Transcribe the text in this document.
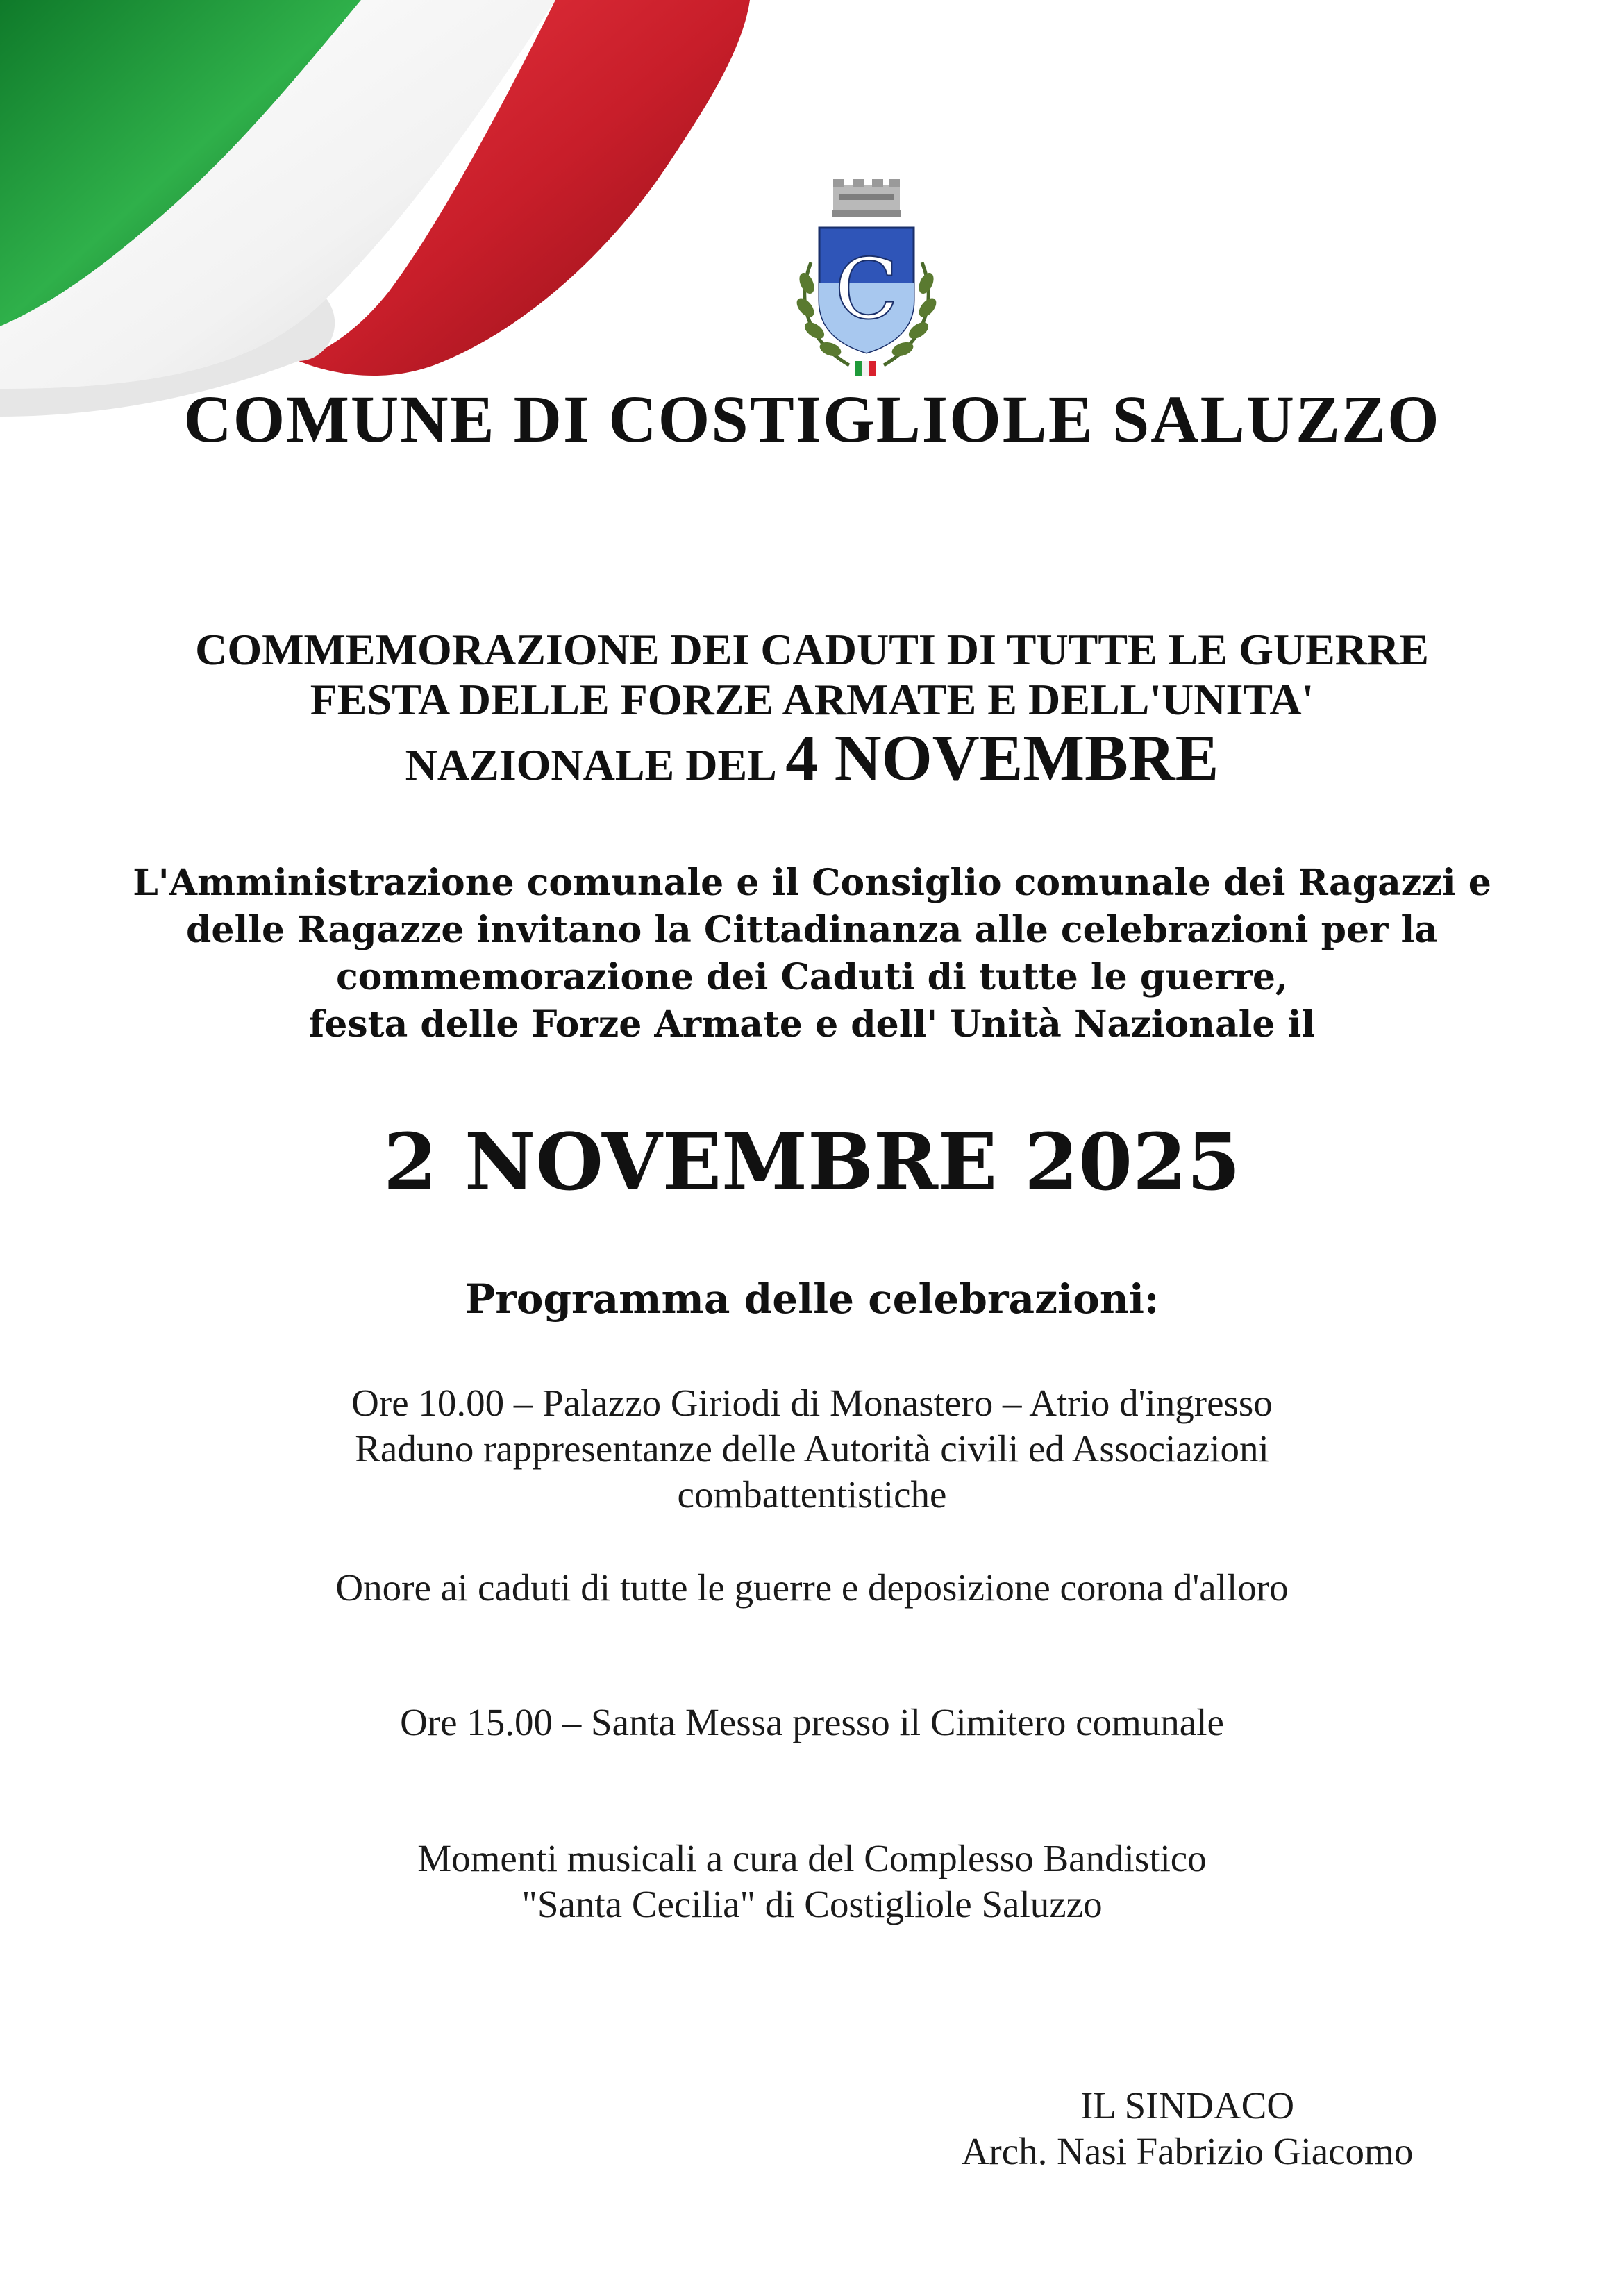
C
COMUNE DI COSTIGLIOLE SALUZZO
COMMEMORAZIONE DEI CADUTI DI TUTTE LE GUERRE
FESTA DELLE FORZE ARMATE E DELL'UNITA'
NAZIONALE DEL 4 NOVEMBRE
L'Amministrazione comunale e il Consiglio comunale dei Ragazzi e
delle Ragazze invitano la Cittadinanza alle celebrazioni per la
commemorazione dei Caduti di tutte le guerre,
festa delle Forze Armate e dell' Unità Nazionale il
2 NOVEMBRE 2025
Programma delle celebrazioni:
Ore 10.00 – Palazzo Giriodi di Monastero – Atrio d'ingresso
Raduno rappresentanze delle Autorità civili ed Associazioni
combattentistiche
Onore ai caduti di tutte le guerre e deposizione corona d'alloro
Ore 15.00 – Santa Messa presso il Cimitero comunale
Momenti musicali a cura del Complesso Bandistico
"Santa Cecilia" di Costigliole Saluzzo
IL SINDACO
Arch. Nasi Fabrizio Giacomo
